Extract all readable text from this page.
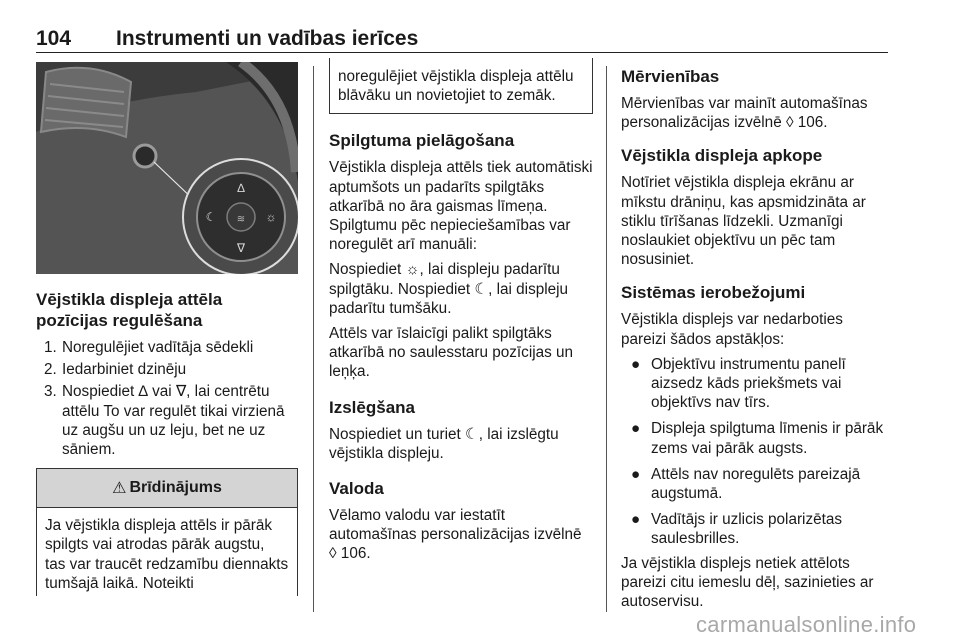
104 Instrumenti un vadības ierīces
∆
∇
☾	☼
≋
Vējstikla displeja attēla pozīcijas regulēšana
1. Noregulējiet vadītāja sēdekli
2. Iedarbiniet dzinēju
3. Nospiediet ∆ vai ∇, lai centrētu attēlu To var regulēt tikai virzienā uz augšu un uz leju, bet ne uz sāniem.
⚠ Brīdinājums

Ja vējstikla displeja attēls ir pārāk spilgts vai atrodas pārāk augstu, tas var traucēt redzamību diennakts tumšajā laikā. Noteikti

noregulējiet vējstikla displeja attēlu blāvāku un novietojiet to zemāk.

Spilgtuma pielāgošana

Vējstikla displeja attēls tiek automātiski aptumšots un padarīts spilgtāks atkarībā no āra gaismas līmeņa. Spilgtumu pēc nepieciešamības var noregulēt arī manuāli:

Nospiediet ☼, lai displeju padarītu spilgtāku. Nospiediet ☾, lai displeju padarītu tumšāku.

Attēls var īslaicīgi palikt spilgtāks atkarībā no saulesstaru pozīcijas un leņķa.

Izslēgšana

Nospiediet un turiet ☾, lai izslēgtu vējstikla displeju.

Valoda

Vēlamo valodu var iestatīt automašīnas personalizācijas izvēlnē ◊ 106.

Mērvienības

Mērvienības var mainīt automašīnas personalizācijas izvēlnē ◊ 106.

Vējstikla displeja apkope

Notīriet vējstikla displeja ekrānu ar mīkstu drāniņu, kas apsmidzināta ar stiklu tīrīšanas līdzekli. Uzmanīgi noslaukiet objektīvu un pēc tam nosusiniet.

Sistēmas ierobežojumi

Vējstikla displejs var nedarboties pareizi šādos apstākļos:

● Objektīvu instrumentu panelī aizsedz kāds priekšmets vai objektīvs nav tīrs.
● Displeja spilgtuma līmenis ir pārāk zems vai pārāk augsts.
● Attēls nav noregulēts pareizajā augstumā.
● Vadītājs ir uzlicis polarizētas saulesbrilles.

Ja vējstikla displejs netiek attēlots pareizi citu iemeslu dēļ, sazinieties ar autoservisu.

carmanualsonline.info
